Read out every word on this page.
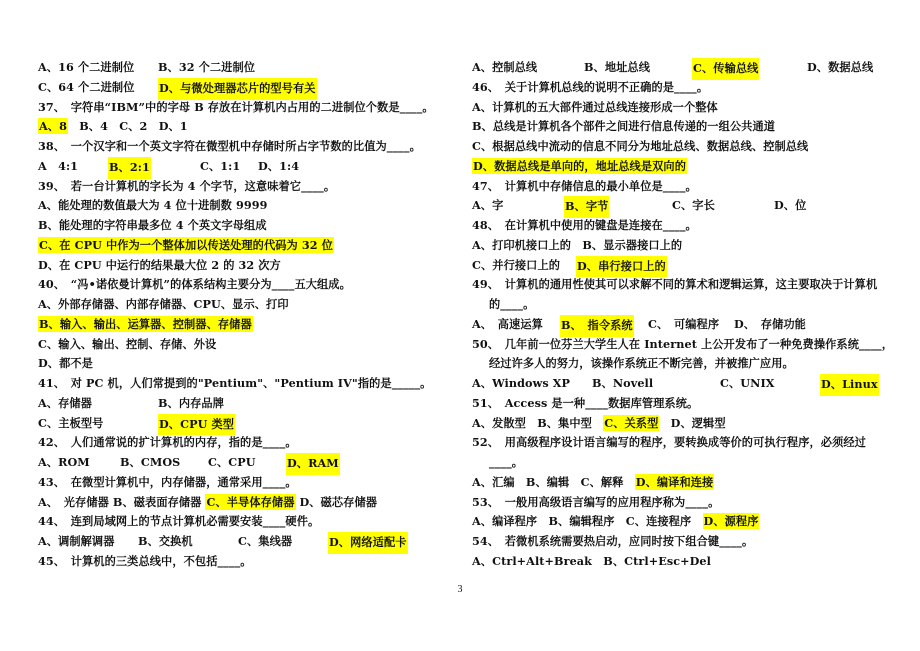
A、16 个二进制位 B、32 个二进制位
C、64 个二进制位 D、与微处理器芯片的型号有关
37、　字符串“IBM”中的字母 B 存放在计算机内占用的二进制位个数是____。
A、8　B、4　C、2　D、1
38、　一个汉字和一个英文字符在微型机中存储时所占字节数的比值为____。
A　4:1	B、2:1	C、1:1 D、1:4
39、　若一台计算机的字长为 4 个字节，这意味着它____。
A、能处理的数值最大为 4 位十进制数 9999
B、能处理的字符串最多位 4 个英文字母组成
C、在 CPU 中作为一个整体加以传送处理的代码为 32 位
D、在 CPU 中运行的结果最大位 2 的 32 次方
40、　“冯•诺依曼计算机”的体系结构主要分为____五大组成。
A、外部存储器、内部存储器、CPU、显示、打印
B、输入、输出、运算器、控制器、存储器
C、输入、输出、控制、存储、外设
D、都不是
41、　对 PC 机，人们常提到的"Pentium"、"Pentium IV"指的是_____。
A、存储器	B、内存品牌
C、主板型号	D、CPU 类型
42、　人们通常说的扩计算机的内存，指的是____。
A、ROM	B、CMOS C、CPU	D、RAM
43、　在微型计算机中，内存储器，通常采用____。
A、　光存储器 B、磁表面存储器 C、半导体存储器 D、磁芯存储器
44、　连到局域网上的节点计算机必需要安装____硬件。
A、调制解调器 B、交换机	C、集线器	D、网络适配卡
45、　计算机的三类总线中，不包括____。
A、控制总线	B、地址总线	C、传输总线	D、数据总线
46、　关于计算机总线的说明不正确的是____。
A、计算机的五大部件通过总线连接形成一个整体
B、总线是计算机各个部件之间进行信息传递的一组公共通道
C、根据总线中流动的信息不同分为地址总线、数据总线、控制总线
D、数据总线是单向的，地址总线是双向的
47、　计算机中存储信息的最小单位是____。
A、字	B、字节	C、字长	D、位
48、　在计算机中使用的键盘是连接在____。
A、打印机接口上的　B、显示器接口上的
C、并行接口上的 D、串行接口上的
49、　计算机的通用性使其可以求解不同的算术和逻辑运算，这主要取决于计算机
的____。
A、　高速运算 B、　指令系统 C、　可编程序 D、　存储功能
50、　几年前一位芬兰大学生人在 Internet 上公开发布了一种免费操作系统____，
经过许多人的努力，该操作系统正不断完善，并被推广应用。
A、Windows XP B、Novell	C、UNIX	D、Linux
51、　Access 是一种____数据库管理系统。
A、发散型　B、集中型　C、关系型　D、逻辑型
52、　用高级程序设计语言编写的程序，要转换成等价的可执行程序，必须经过
____。
A、汇编　B、编辑　C、解释　D、编译和连接
53、　一般用高级语言编写的应用程序称为____。
A、编译程序　B、编辑程序　C、连接程序　D、源程序
54、　若微机系统需要热启动，应同时按下组合键____。
A、Ctrl+Alt+Break　B、Ctrl+Esc+Del
3
